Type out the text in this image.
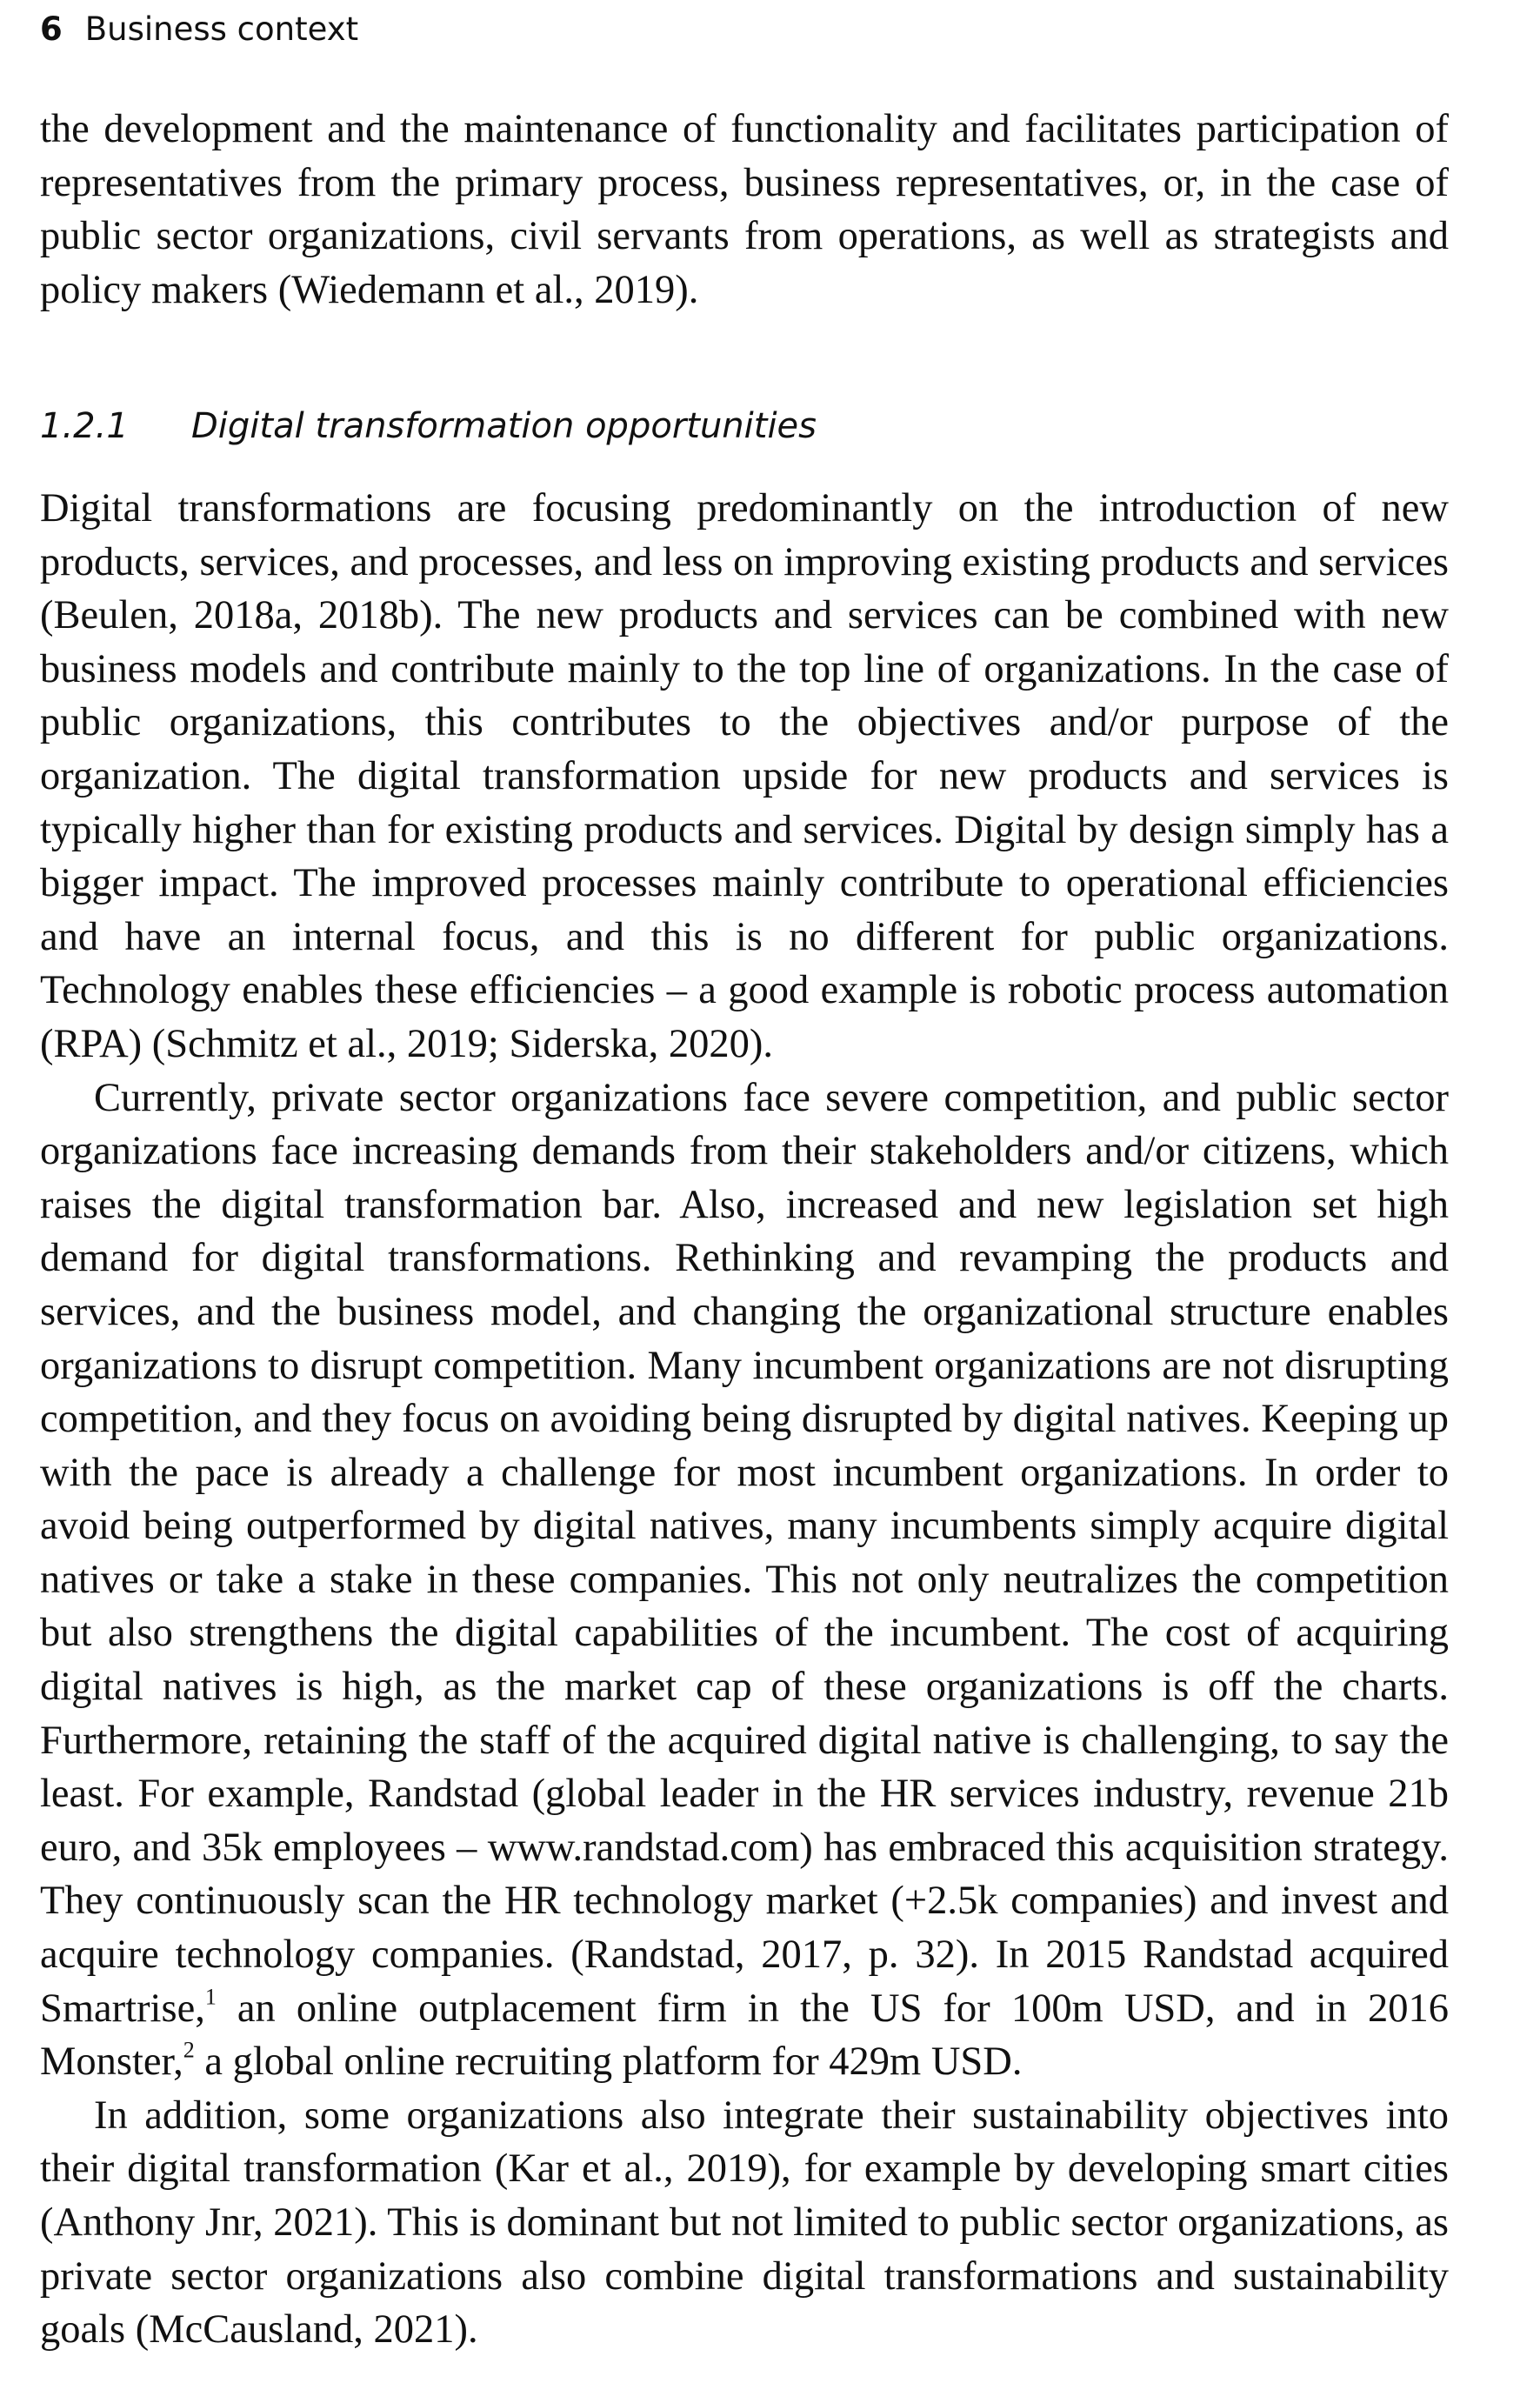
6 Business context

the development and the maintenance of functionality and facilitates participation of representatives from the primary process, business representatives, or, in the case of public sector organizations, civil servants from operations, as well as strategists and policy makers (Wiedemann et al., 2019).

1.2.1 Digital transformation opportunities

Digital transformations are focusing predominantly on the introduction of new products, services, and processes, and less on improving existing products and services (Beulen, 2018a, 2018b). The new products and services can be combined with new business models and contribute mainly to the top line of organizations. In the case of public organizations, this contributes to the objectives and/or purpose of the organization. The digital transformation upside for new products and services is typically higher than for existing products and services. Digital by design simply has a bigger impact. The improved processes mainly contribute to operational efficiencies and have an internal focus, and this is no different for public organizations. Technology enables these efficiencies – a good example is robotic process automation (RPA) (Schmitz et al., 2019; Siderska, 2020).

Currently, private sector organizations face severe competition, and public sector organizations face increasing demands from their stakeholders and/or citizens, which raises the digital transformation bar. Also, increased and new legislation set high demand for digital transformations. Rethinking and revamping the products and services, and the business model, and changing the organizational structure enables organizations to disrupt competition. Many incumbent organizations are not disrupting competition, and they focus on avoiding being disrupted by digital natives. Keeping up with the pace is already a challenge for most incumbent organizations. In order to avoid being outperformed by digital natives, many incumbents simply acquire digital natives or take a stake in these companies. This not only neutralizes the competition but also strengthens the digital capabilities of the incumbent. The cost of acquiring digital natives is high, as the market cap of these organizations is off the charts. Furthermore, retaining the staff of the acquired digital native is challenging, to say the least. For example, Randstad (global leader in the HR services industry, revenue 21b euro, and 35k employees – www.​randstad.com) has embraced this acquisition strategy. They continuously scan the HR technology market (+2.5k companies) and invest and acquire technology companies. (Randstad, 2017, p. 32). In 2015 Randstad acquired Smartrise,$^1$ an online outplacement firm in the US for 100m USD, and in 2016 Monster,$^2$ a global online recruiting platform for 429m USD.

In addition, some organizations also integrate their sustainability objectives into their digital transformation (Kar et al., 2019), for example by developing smart cities (Anthony Jnr, 2021). This is dominant but not limited to public sector organizations, as private sector organizations also combine digital transformations and sustainability goals (McCausland, 2021).
